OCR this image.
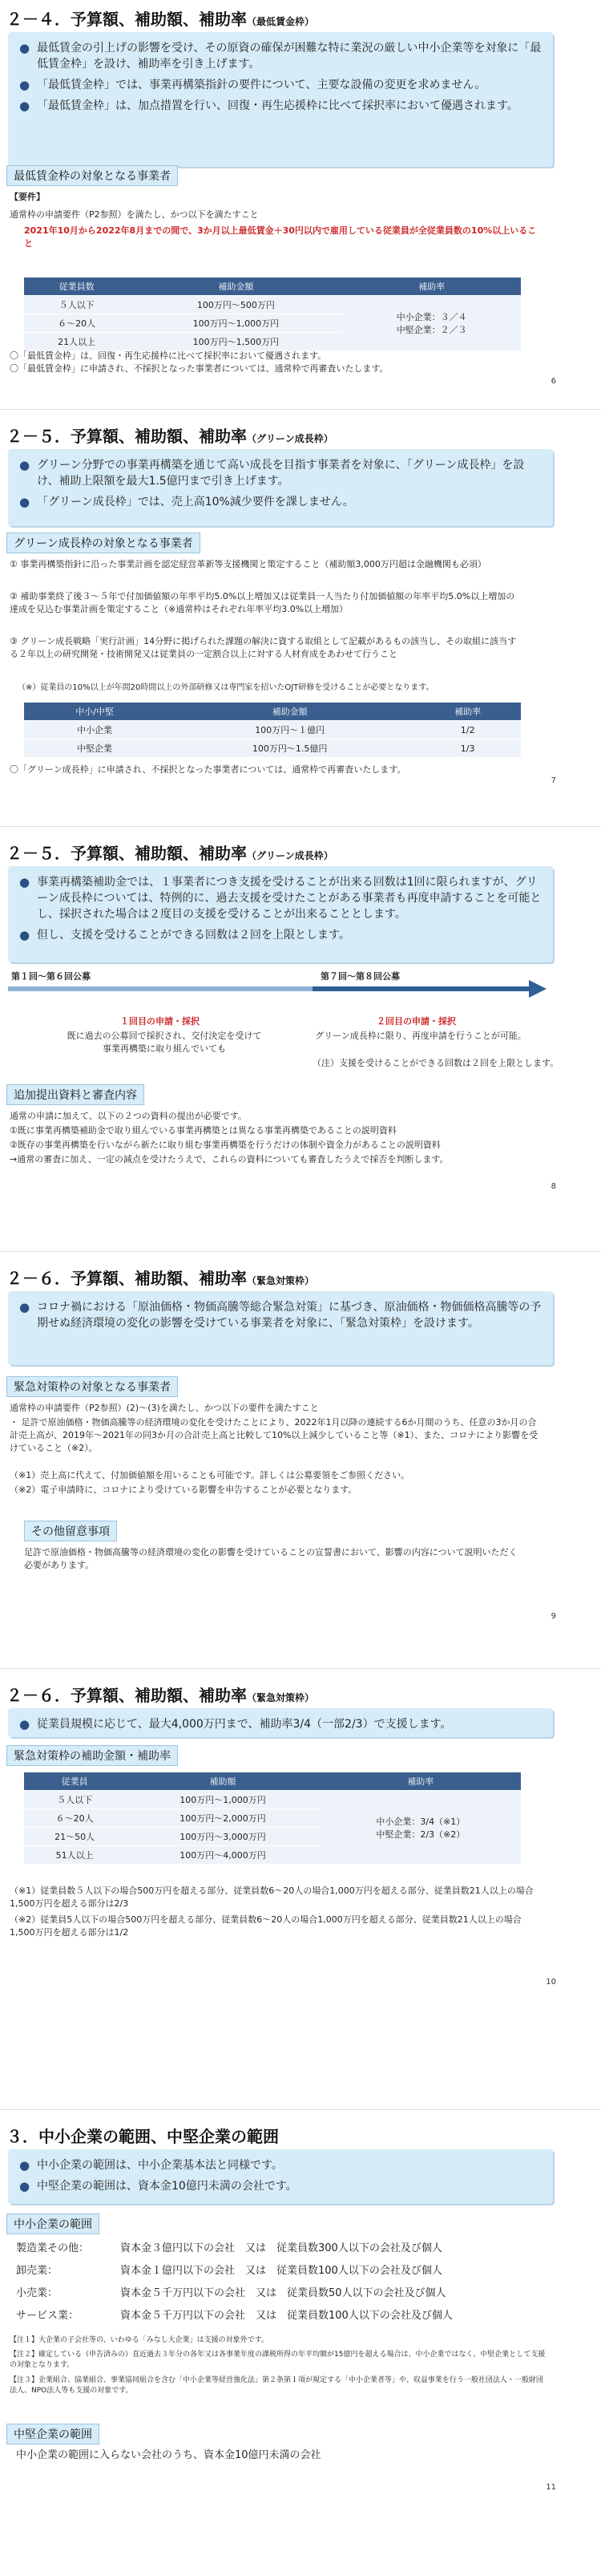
２－４．予算額、補助額、補助率（最低賃金枠）
● 最低賃金の引上げの影響を受け、その原資の確保が困難な特に業況の厳しい中小企業等を対象に「最低賃金枠」を設け、補助率を引き上げます。
● 「最低賃金枠」では、事業再構築指針の要件について、主要な設備の変更を求めません。
● 「最低賃金枠」は、加点措置を行い、回復・再生応援枠に比べて採択率において優遇されます。
最低賃金枠の対象となる事業者
【要件】
通常枠の申請要件（P2参照）を満たし、かつ以下を満たすこと
2021年10月から2022年8月までの間で、3か月以上最低賃金＋30円以内で雇用している従業員が全従業員数の10%以上いること
従業員数	補助金額	補助率
５人以下	100万円～500万円	中小企業：３／４
中堅企業：２／３
６～20人	100万円～1,000万円	
21人以上	100万円～1,500万円	
〇「最低賃金枠」は、回復・再生応援枠に比べて採択率において優遇されます。
〇「最低賃金枠」に申請され、不採択となった事業者については、通常枠で再審査いたします。
6
２－５．予算額、補助額、補助率（グリーン成長枠）
● グリーン分野での事業再構築を通じて高い成長を目指す事業者を対象に、「グリーン成長枠」を設け、補助上限額を最大1.5億円まで引き上げます。
● 「グリーン成長枠」では、売上高10%減少要件を課しません。
グリーン成長枠の対象となる事業者
① 事業再構築指針に沿った事業計画を認定経営革新等支援機関と策定すること（補助額3,000万円超は金融機関も必須）
② 補助事業終了後３～５年で付加価値額の年率平均5.0%以上増加又は従業員一人当たり付加価値額の年率平均5.0%以上増加の達成を見込む事業計画を策定すること（※通常枠はそれぞれ年率平均3.0%以上増加）
③ グリーン成長戦略「実行計画」14分野に掲げられた課題の解決に資する取組として記載があるもの該当し、その取組に該当する２年以上の研究開発・技術開発又は従業員の一定割合以上に対する人材育成をあわせて行うこと
（※）従業員の10%以上が年間20時間以上の外部研修又は専門家を招いたOJT研修を受けることが必要となります。
中小/中堅	補助金額	補助率
中小企業	100万円～１億円	1/2
中堅企業	100万円～1.5億円	1/3
〇「グリーン成長枠」に申請され、不採択となった事業者については、通常枠で再審査いたします。
7
２－５．予算額、補助額、補助率（グリーン成長枠）
● 事業再構築補助金では、１事業者につき支援を受けることが出来る回数は1回に限られますが、グリーン成長枠については、特例的に、過去支援を受けたことがある事業者も再度申請することを可能とし、採択された場合は２度目の支援を受けることが出来ることとします。
● 但し、支援を受けることができる回数は２回を上限とします。
第１回～第６回公募	第７回～第８回公募
１回目の申請・採択
既に過去の公募回で採択され、交付決定を受けて事業再構築に取り組んでいても
２回目の申請・採択
グリーン成長枠に限り、再度申請を行うことが可能。
（注）支援を受けることができる回数は２回を上限とします。
追加提出資料と審査内容
通常の申請に加えて、以下の２つの資料の提出が必要です。
①既に事業再構築補助金で取り組んでいる事業再構築とは異なる事業再構築であることの説明資料
②既存の事業再構築を行いながら新たに取り組む事業再構築を行うだけの体制や資金力があることの説明資料
→通常の審査に加え、一定の減点を受けたうえで、これらの資料についても審査したうえで採否を判断します。
8
２－６．予算額、補助額、補助率（緊急対策枠）
● コロナ禍における「原油価格・物価高騰等総合緊急対策」に基づき、原油価格・物価価格高騰等の予期せぬ経済環境の変化の影響を受けている事業者を対象に、「緊急対策枠」を設けます。
緊急対策枠の対象となる事業者
通常枠の申請要件（P2参照）(2)～(3)を満たし、かつ以下の要件を満たすこと
・ 足許で原油価格・物価高騰等の経済環境の変化を受けたことにより、2022年1月以降の連続する6か月間のうち、任意の3か月の合計売上高が、2019年～2021年の同3か月の合計売上高と比較して10%以上減少していること等（※1）、また、コロナにより影響を受けていること（※2）。
（※1）売上高に代えて、付加価値額を用いることも可能です。詳しくは公募要領をご参照ください。
（※2）電子申請時に、コロナにより受けている影響を申告することが必要となります。
その他留意事項
足許で原油価格・物価高騰等の経済環境の変化の影響を受けていることの宣誓書において、影響の内容について説明いただく必要があります。
9
２－６．予算額、補助額、補助率（緊急対策枠）
● 従業員規模に応じて、最大4,000万円まで、補助率3/4（一部2/3）で支援します。
緊急対策枠の補助金額・補助率
従業員	補助額	補助率
５人以下	100万円～1,000万円	中小企業：3/4（※1）
中堅企業：2/3（※2）
６～20人	100万円～2,000万円	
21～50人	100万円～3,000万円	
51人以上	100万円～4,000万円	
（※1）従業員数５人以下の場合500万円を超える部分、従業員数6～20人の場合1,000万円を超える部分、従業員数21人以上の場合1,500万円を超える部分は2/3
（※2）従業員5人以下の場合500万円を超える部分、従業員数6～20人の場合1,000万円を超える部分、従業員数21人以上の場合1,500万円を超える部分は1/2
10
３．中小企業の範囲、中堅企業の範囲
● 中小企業の範囲は、中小企業基本法と同様です。
● 中堅企業の範囲は、資本金10億円未満の会社です。
中小企業の範囲
製造業その他：	資本金３億円以下の会社　又は　従業員数300人以下の会社及び個人
卸売業：	資本金１億円以下の会社　又は　従業員数100人以下の会社及び個人
小売業：	資本金５千万円以下の会社　又は　従業員数50人以下の会社及び個人
サービス業：	資本金５千万円以下の会社　又は　従業員数100人以下の会社及び個人
【注１】大企業の子会社等の、いわゆる「みなし大企業」は支援の対象外です。
【注２】確定している（申告済みの）直近過去３年分の各年又は各事業年度の課税所得の年平均額が15億円を超える場合は、中小企業ではなく、中堅企業として支援の対象となります。
【注３】企業組合、協業組合、事業協同組合を含む「中小企業等経営強化法」第２条第１項が規定する「中小企業者等」や、収益事業を行う一般社団法人・一般財団法人、NPO法人等も支援の対象です。
中堅企業の範囲
中小企業の範囲に入らない会社のうち、資本金10億円未満の会社
11
